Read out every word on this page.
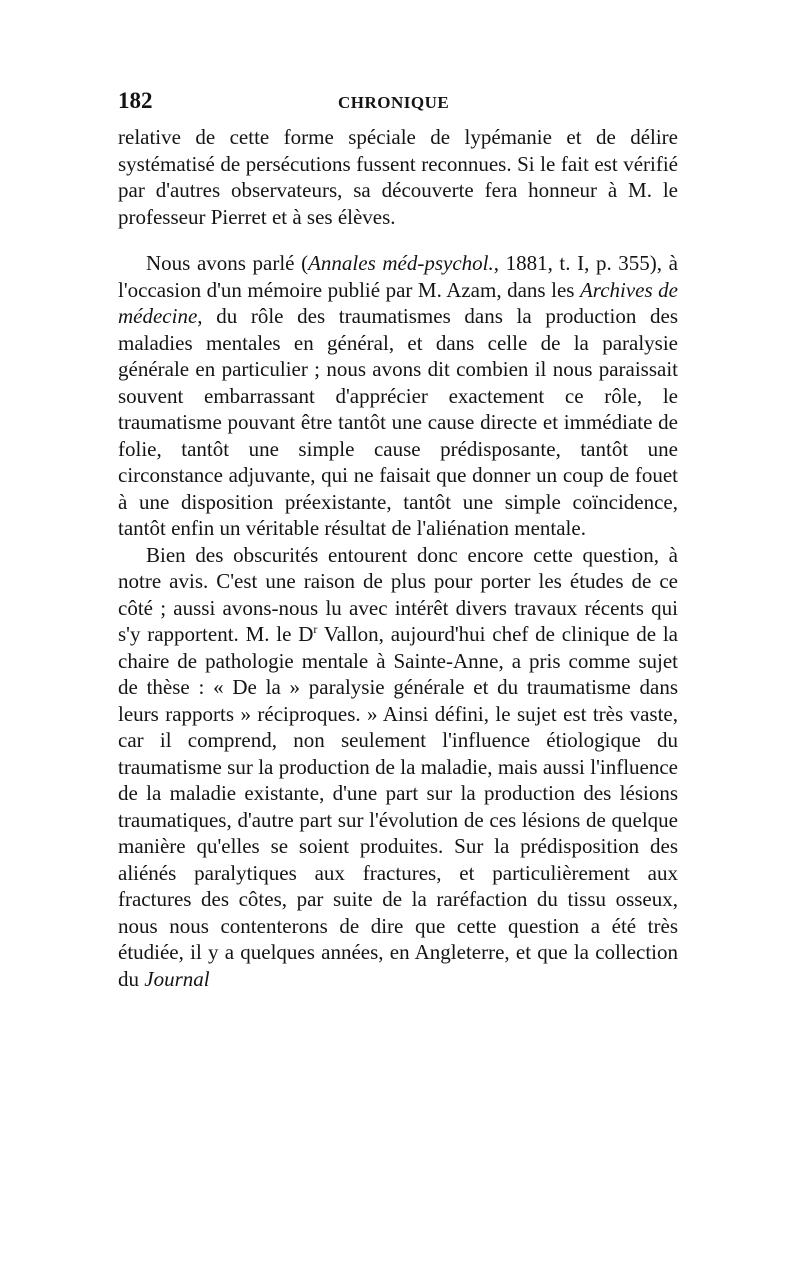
182	CHRONIQUE

relative de cette forme spéciale de lypémanie et de délire systématisé de persécutions fussent reconnues. Si le fait est vérifié par d'autres observateurs, sa découverte fera honneur à M. le professeur Pierret et à ses élèves.

Nous avons parlé (Annales méd-psychol., 1881, t. I, p. 355), à l'occasion d'un mémoire publié par M. Azam, dans les Archives de médecine, du rôle des traumatismes dans la production des maladies mentales en général, et dans celle de la paralysie générale en particulier ; nous avons dit combien il nous paraissait souvent embarrassant d'apprécier exactement ce rôle, le traumatisme pouvant être tantôt une cause directe et immédiate de folie, tantôt une simple cause prédisposante, tantôt une circonstance adjuvante, qui ne faisait que donner un coup de fouet à une disposition préexistante, tantôt une simple coïncidence, tantôt enfin un véritable résultat de l'aliénation mentale.

Bien des obscurités entourent donc encore cette question, à notre avis. C'est une raison de plus pour porter les études de ce côté ; aussi avons-nous lu avec intérêt divers travaux récents qui s'y rapportent. M. le $D^r$ Vallon, aujourd'hui chef de clinique de la chaire de pathologie mentale à Sainte-Anne, a pris comme sujet de thèse : « De la » paralysie générale et du traumatisme dans leurs rapports » réciproques. » Ainsi défini, le sujet est très vaste, car il comprend, non seulement l'influence étiologique du traumatisme sur la production de la maladie, mais aussi l'influence de la maladie existante, d'une part sur la production des lésions traumatiques, d'autre part sur l'évolution de ces lésions de quelque manière qu'elles se soient produites. Sur la prédisposition des aliénés paralytiques aux fractures, et particulièrement aux fractures des côtes, par suite de la raréfaction du tissu osseux, nous nous contenterons de dire que cette question a été très étudiée, il y a quelques années, en Angleterre, et que la collection du Journal
